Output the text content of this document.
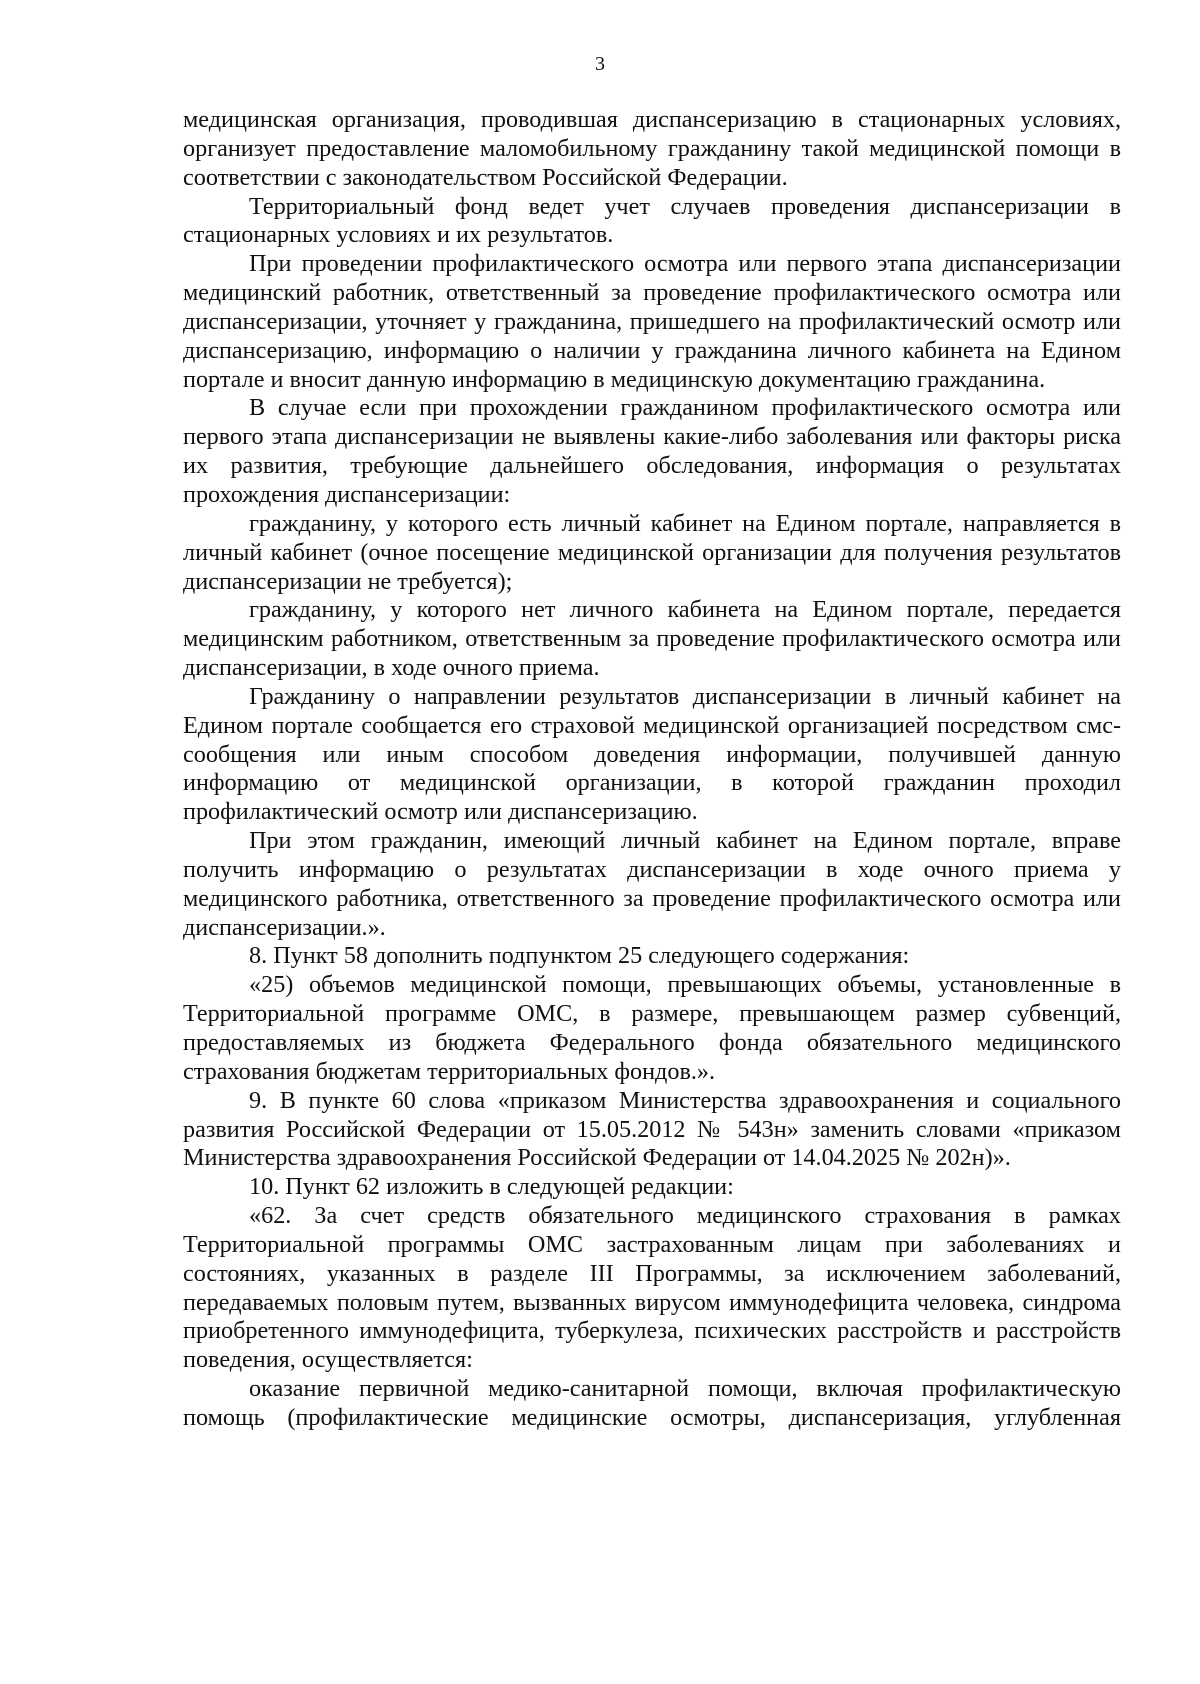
3

медицинская организация, проводившая диспансеризацию в стационарных условиях, организует предоставление маломобильному гражданину такой медицинской помощи в соответствии с законодательством Российской Федерации.

Территориальный фонд ведет учет случаев проведения диспансеризации в стационарных условиях и их результатов.

При проведении профилактического осмотра или первого этапа диспансеризации медицинский работник, ответственный за проведение профилактического осмотра или диспансеризации, уточняет у гражданина, пришедшего на профилактический осмотр или диспансеризацию, информацию о наличии у гражданина личного кабинета на Едином портале и вносит данную информацию в медицинскую документацию гражданина.

В случае если при прохождении гражданином профилактического осмотра или первого этапа диспансеризации не выявлены какие-либо заболевания или факторы риска их развития, требующие дальнейшего обследования, информация о результатах прохождения диспансеризации:

гражданину, у которого есть личный кабинет на Едином портале, направляется в личный кабинет (очное посещение медицинской организации для получения результатов диспансеризации не требуется);

гражданину, у которого нет личного кабинета на Едином портале, передается медицинским работником, ответственным за проведение профилактического осмотра или диспансеризации, в ходе очного приема.

Гражданину о направлении результатов диспансеризации в личный кабинет на Едином портале сообщается его страховой медицинской организацией посредством смс-сообщения или иным способом доведения информации, получившей данную информацию от медицинской организации, в которой гражданин проходил профилактический осмотр или диспансеризацию.

При этом гражданин, имеющий личный кабинет на Едином портале, вправе получить информацию о результатах диспансеризации в ходе очного приема у медицинского работника, ответственного за проведение профилактического осмотра или диспансеризации.».

8. Пункт 58 дополнить подпунктом 25 следующего содержания:

«25) объемов медицинской помощи, превышающих объемы, установленные в Территориальной программе ОМС, в размере, превышающем размер субвенций, предоставляемых из бюджета Федерального фонда обязательного медицинского страхования бюджетам территориальных фондов.».

9. В пункте 60 слова «приказом Министерства здравоохранения и социального развития Российской Федерации от 15.05.2012 № 543н» заменить словами «приказом Министерства здравоохранения Российской Федерации от 14.04.2025 № 202н)».

10. Пункт 62 изложить в следующей редакции:

«62. За счет средств обязательного медицинского страхования в рамках Территориальной программы ОМС застрахованным лицам при заболеваниях и состояниях, указанных в разделе III Программы, за исключением заболеваний, передаваемых половым путем, вызванных вирусом иммунодефицита человека, синдрома приобретенного иммунодефицита, туберкулеза, психических расстройств и расстройств поведения, осуществляется:

оказание первичной медико-санитарной помощи, включая профилактическую помощь (профилактические медицинские осмотры, диспансеризация, углубленная
